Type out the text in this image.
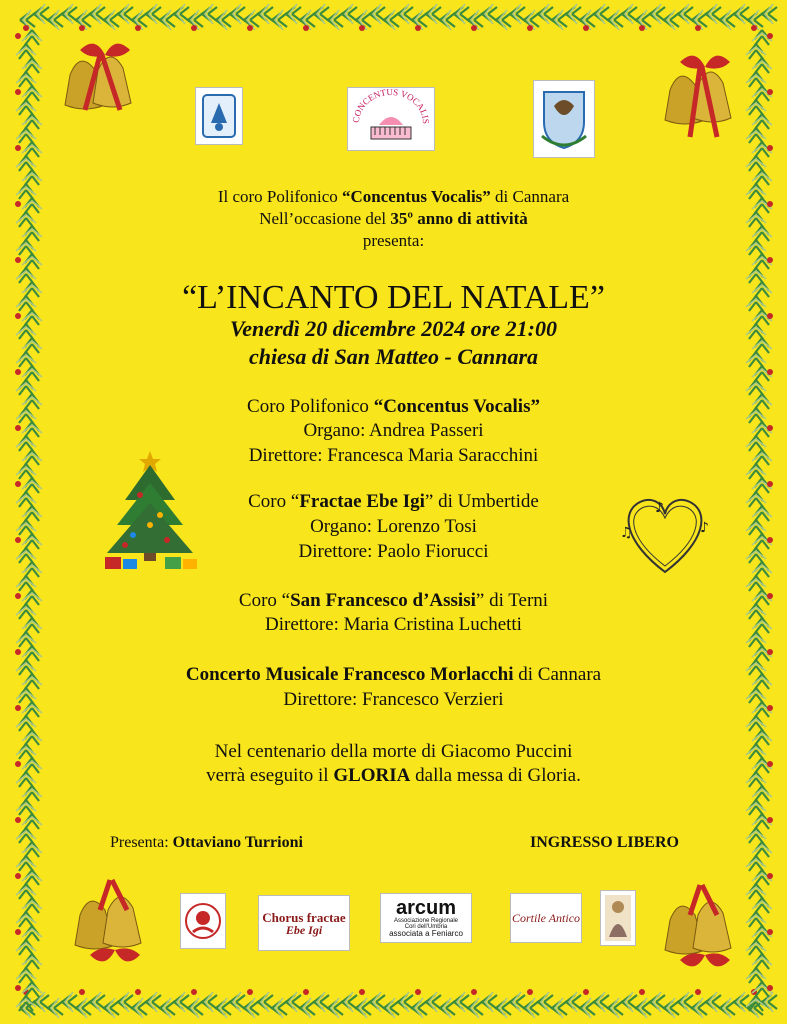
CONCENTUS VOCALIS
Il coro Polifonico “Concentus Vocalis” di Cannara
Nell’occasione del 35º anno di attività
presenta:
“L’INCANTO DEL NATALE”
Venerdì 20 dicembre 2024 ore 21:00
chiesa di San Matteo - Cannara
Coro Polifonico “Concentus Vocalis”
Organo: Andrea Passeri
Direttore: Francesca Maria Saracchini
Coro “Fractae Ebe Igi” di Umbertide
Organo: Lorenzo Tosi
Direttore: Paolo Fiorucci
Coro “San Francesco d’Assisi” di Terni
Direttore: Maria Cristina Luchetti
Concerto Musicale Francesco Morlacchi di Cannara
Direttore: Francesco Verzieri
Nel centenario della morte di Giacomo Puccini
verrà eseguito il GLORIA dalla messa di Gloria.
Presenta: Ottaviano Turrioni	INGRESSO LIBERO
♪
♫	♪
Chorus fractae
Ebe Igi
arcum
Associazione Regionale
Cori dell'Umbria
associata a Feniarco
Cortile Antico
